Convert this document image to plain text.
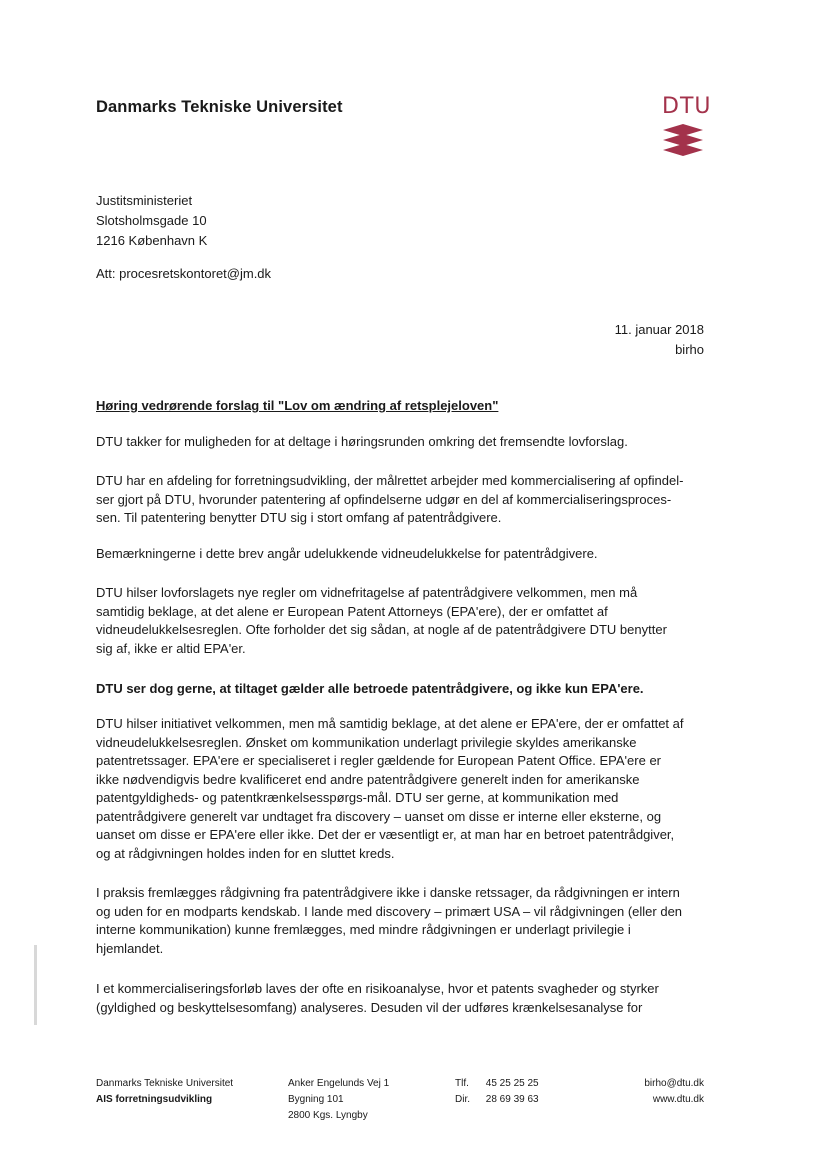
Danmarks Tekniske Universitet	DTU
Justitsministeriet
Slotsholmsgade 10
1216 København K
Att: procesretskontoret@jm.dk
11. januar 2018
birho
Høring vedrørende forslag til "Lov om ændring af retsplejeloven"
DTU takker for muligheden for at deltage i høringsrunden omkring det fremsendte lovforslag.
DTU har en afdeling for forretningsudvikling, der målrettet arbejder med kommercialisering af opfindel-
ser gjort på DTU, hvorunder patentering af opfindelserne udgør en del af kommercialiseringsproces-
sen. Til patentering benytter DTU sig i stort omfang af patentrådgivere.
Bemærkningerne i dette brev angår udelukkende vidneudelukkelse for patentrådgivere.
DTU hilser lovforslagets nye regler om vidnefritagelse af patentrådgivere velkommen, men må
samtidig beklage, at det alene er European Patent Attorneys (EPA'ere), der er omfattet af
vidneudelukkelsesreglen. Ofte forholder det sig sådan, at nogle af de patentrådgivere DTU benytter
sig af, ikke er altid EPA'er.
DTU ser dog gerne, at tiltaget gælder alle betroede patentrådgivere, og ikke kun EPA'ere.
DTU hilser initiativet velkommen, men må samtidig beklage, at det alene er EPA'ere, der er omfattet af
vidneudelukkelsesreglen. Ønsket om kommunikation underlagt privilegie skyldes amerikanske
patentretssager. EPA'ere er specialiseret i regler gældende for European Patent Office. EPA'ere er
ikke nødvendigvis bedre kvalificeret end andre patentrådgivere generelt inden for amerikanske
patentgyldigheds- og patentkrænkelsesspørgs-mål. DTU ser gerne, at kommunikation med
patentrådgivere generelt var undtaget fra discovery – uanset om disse er interne eller eksterne, og
uanset om disse er EPA'ere eller ikke. Det der er væsentligt er, at man har en betroet patentrådgiver,
og at rådgivningen holdes inden for en sluttet kreds.
I praksis fremlægges rådgivning fra patentrådgivere ikke i danske retssager, da rådgivningen er intern
og uden for en modparts kendskab. I lande med discovery – primært USA – vil rådgivningen (eller den
interne kommunikation) kunne fremlægges, med mindre rådgivningen er underlagt privilegie i
hjemlandet.
I et kommercialiseringsforløb laves der ofte en risikoanalyse, hvor et patents svagheder og styrker
(gyldighed og beskyttelsesomfang) analyseres. Desuden vil der udføres krænkelsesanalyse for
Danmarks Tekniske Universitet
AIS forretningsudvikling
Anker Engelunds Vej 1
Bygning 101
2800 Kgs. Lyngby
Tlf. 45 25 25 25
Dir. 28 69 39 63
birho@dtu.dk
www.dtu.dk
